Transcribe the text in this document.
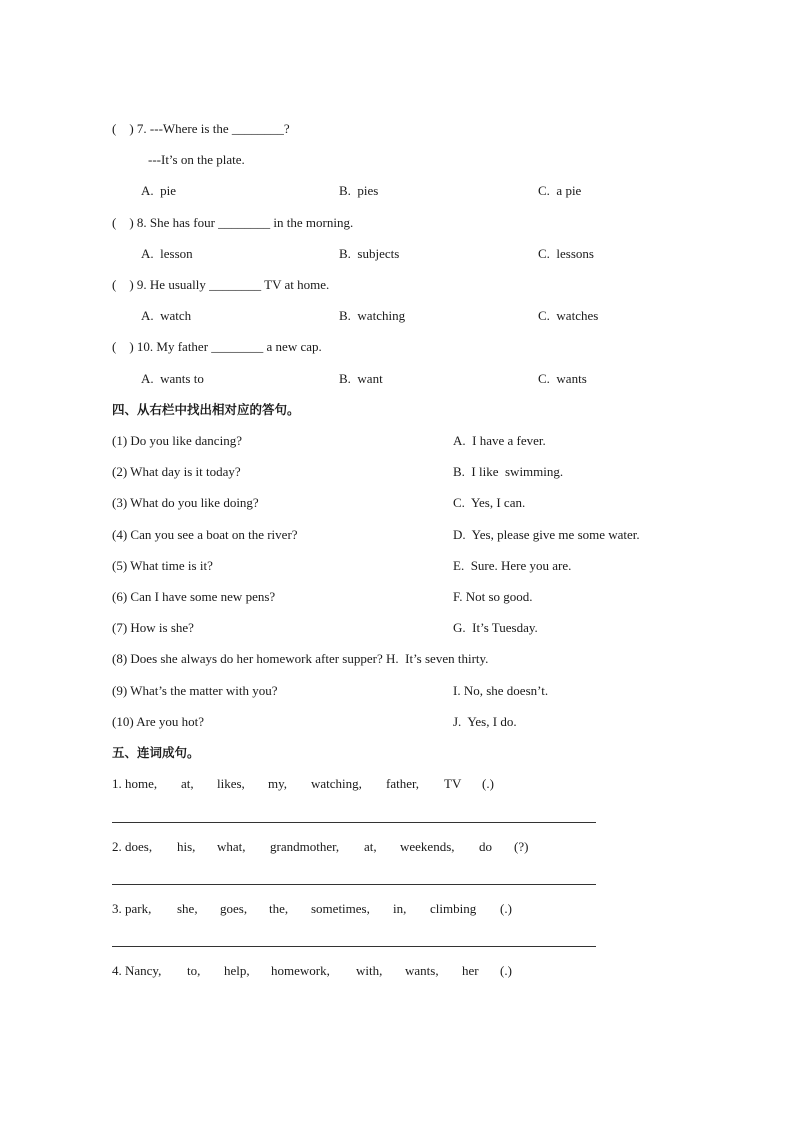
(    ) 7. ---Where is the ________?
---It’s on the plate.
A.  pie	B.  pies	C.  a pie
(    ) 8. She has four ________ in the morning.
A.  lesson	B.  subjects	C.  lessons
(    ) 9. He usually ________ TV at home.
A.  watch	B.  watching	C.  watches
(    ) 10. My father ________ a new cap.
A.  wants to	B.  want	C.  wants
四、从右栏中找出相对应的答句。
(1) Do you like dancing?	A.  I have a fever.
(2) What day is it today?	B.  I like  swimming.
(3) What do you like doing?	C.  Yes, I can.
(4) Can you see a boat on the river?	D.  Yes, please give me some water.
(5) What time is it?	E.  Sure. Here you are.
(6) Can I have some new pens?	F. Not so good.
(7) How is she?	G.  It’s Tuesday.
(8) Does she always do her homework after supper? H.  It’s seven thirty.
(9) What’s the matter with you?	I. No, she doesn’t.
(10) Are you hot?	J.  Yes, I do.
五、连词成句。
1. home, at, likes, my, watching, father, TV (.)
2. does, his, what, grandmother, at, weekends, do (?)
3. park, she, goes, the, sometimes, in, climbing (.)
4. Nancy, to, help, homework, with, wants, her (.)
